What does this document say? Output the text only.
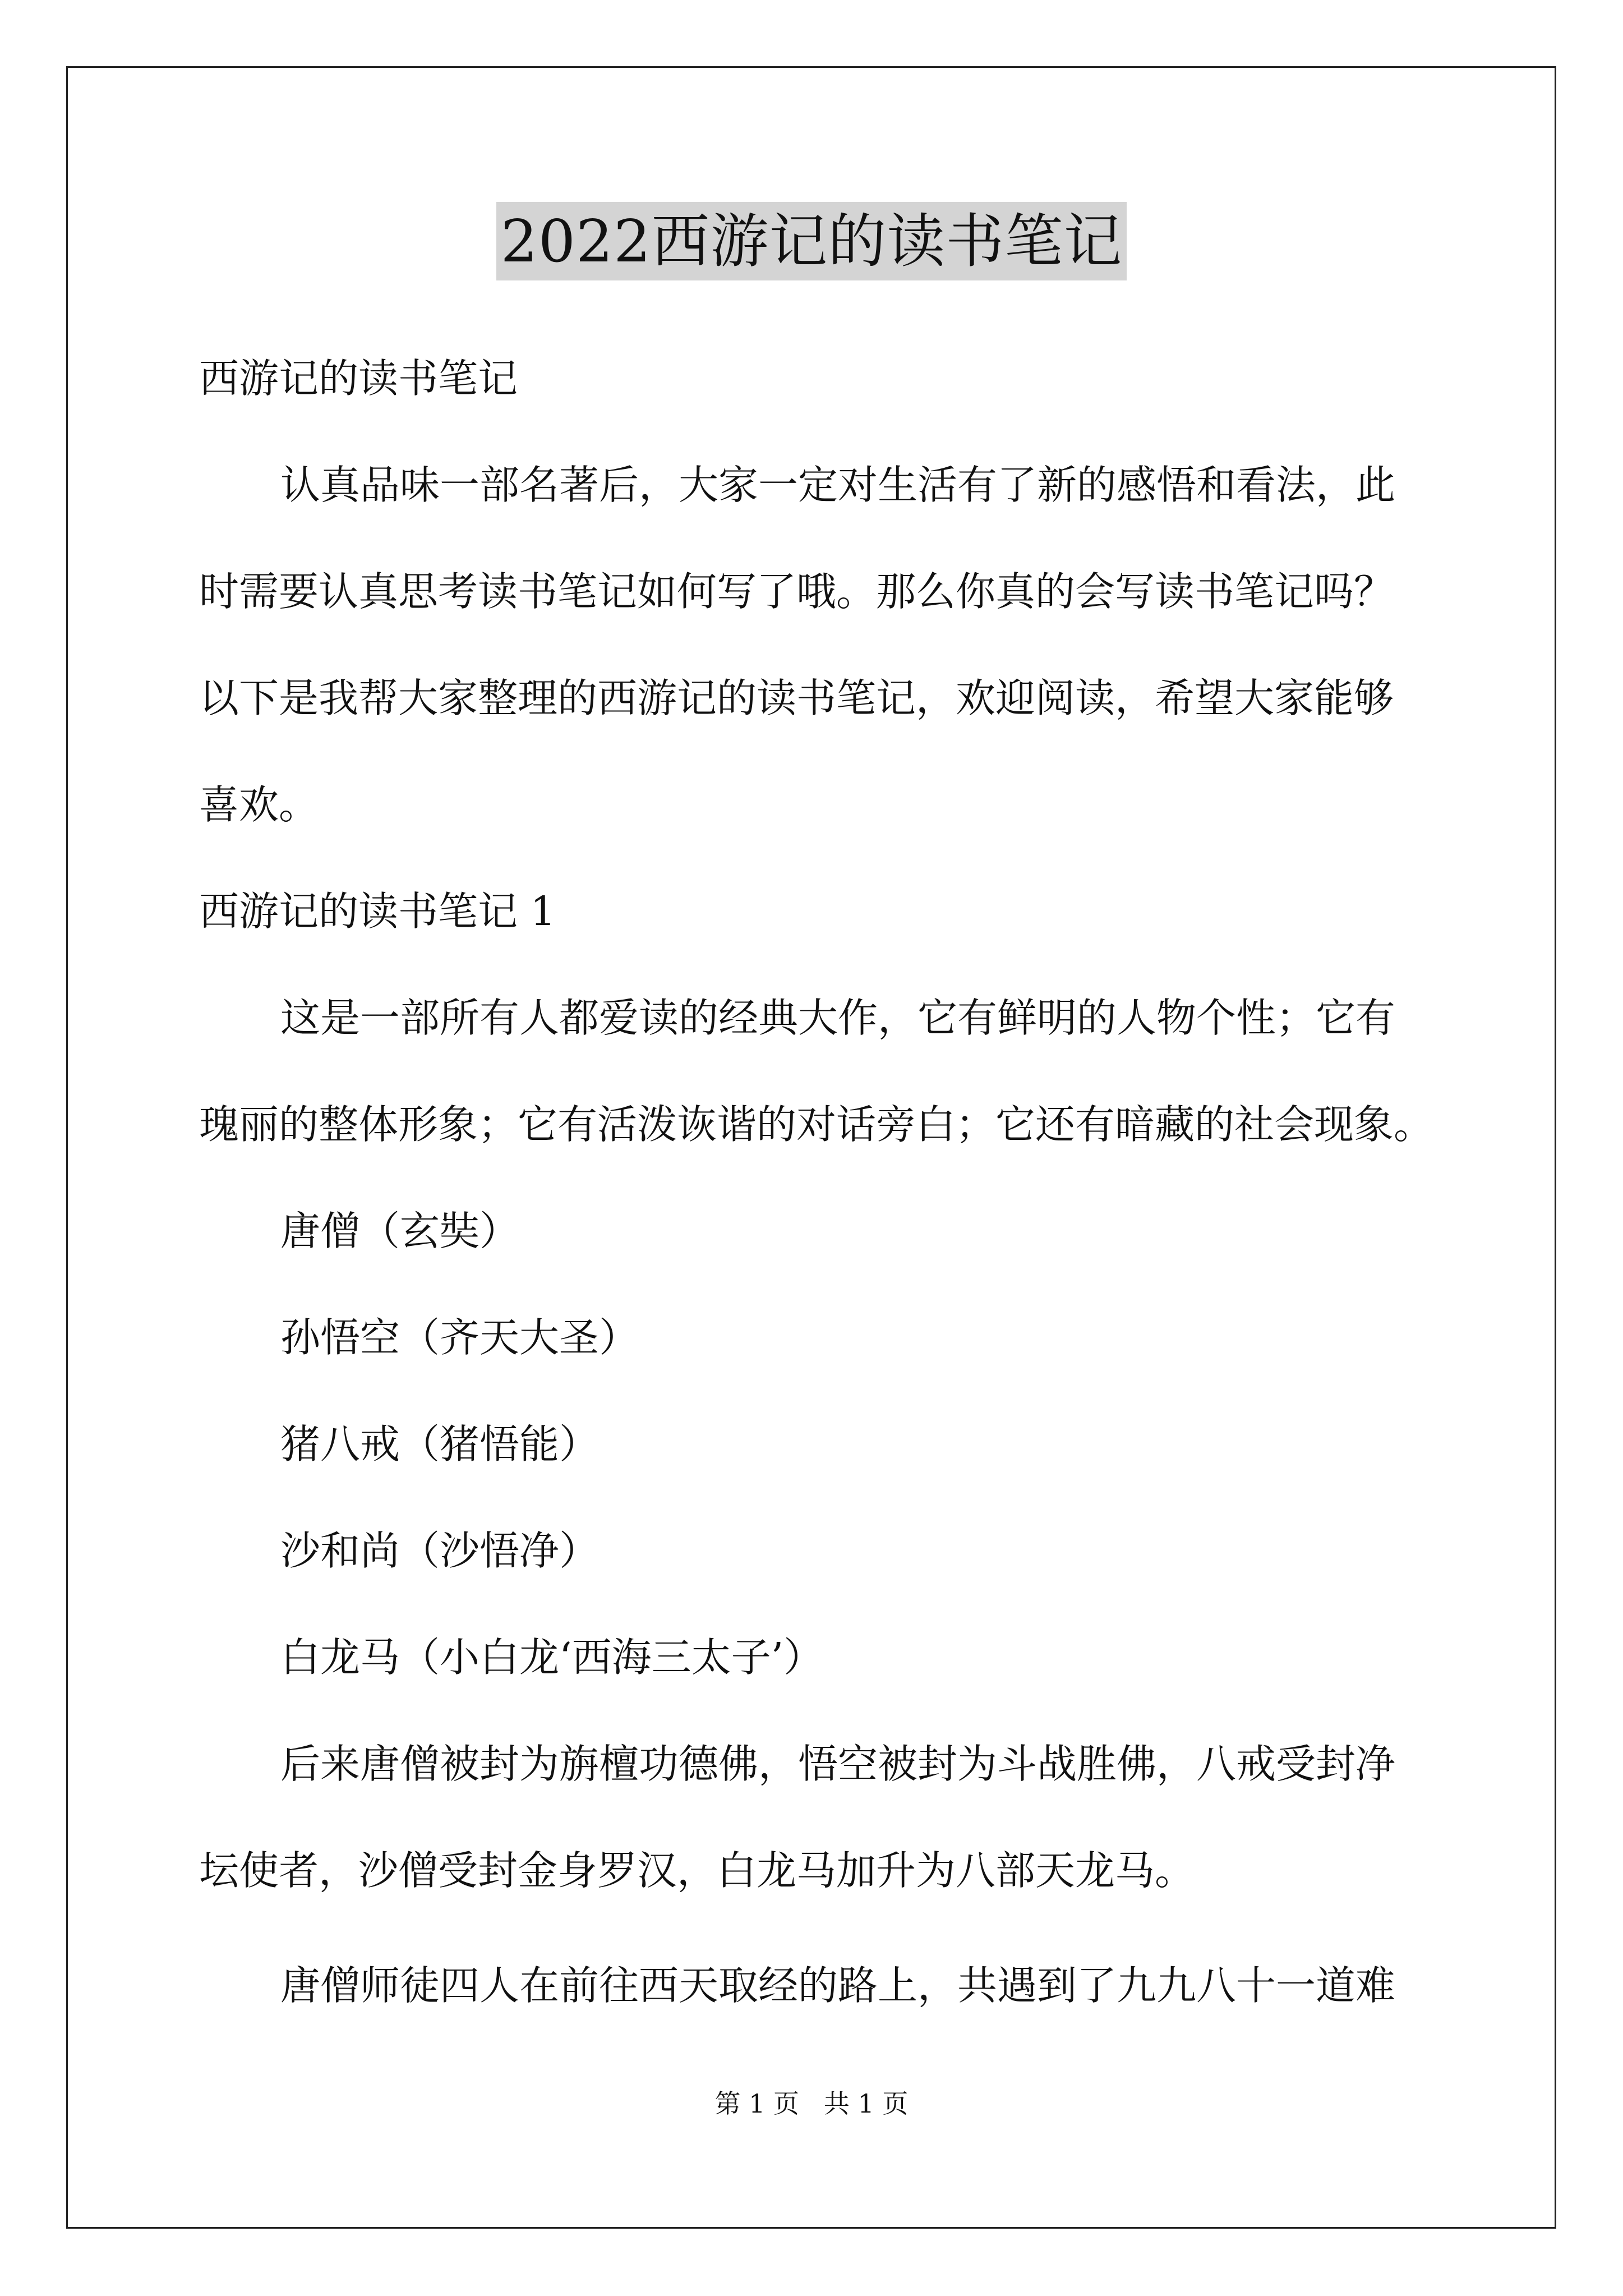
2022西游记的读书笔记
西游记的读书笔记
认真品味一部名著后，大家一定对生活有了新的感悟和看法，此
时需要认真思考读书笔记如何写了哦。那么你真的会写读书笔记吗？
以下是我帮大家整理的西游记的读书笔记，欢迎阅读，希望大家能够
喜欢。
西游记的读书笔记 1
这是一部所有人都爱读的经典大作，它有鲜明的人物个性；它有
瑰丽的整体形象；它有活泼诙谐的对话旁白；它还有暗藏的社会现象。
唐僧（玄奘）
孙悟空（齐天大圣）
猪八戒（猪悟能）
沙和尚（沙悟净）
白龙马（小白龙‘西海三太子’）
后来唐僧被封为旃檀功德佛，悟空被封为斗战胜佛，八戒受封净
坛使者，沙僧受封金身罗汉，白龙马加升为八部天龙马。
唐僧师徒四人在前往西天取经的路上，共遇到了九九八十一道难
第 1 页   共 1 页
